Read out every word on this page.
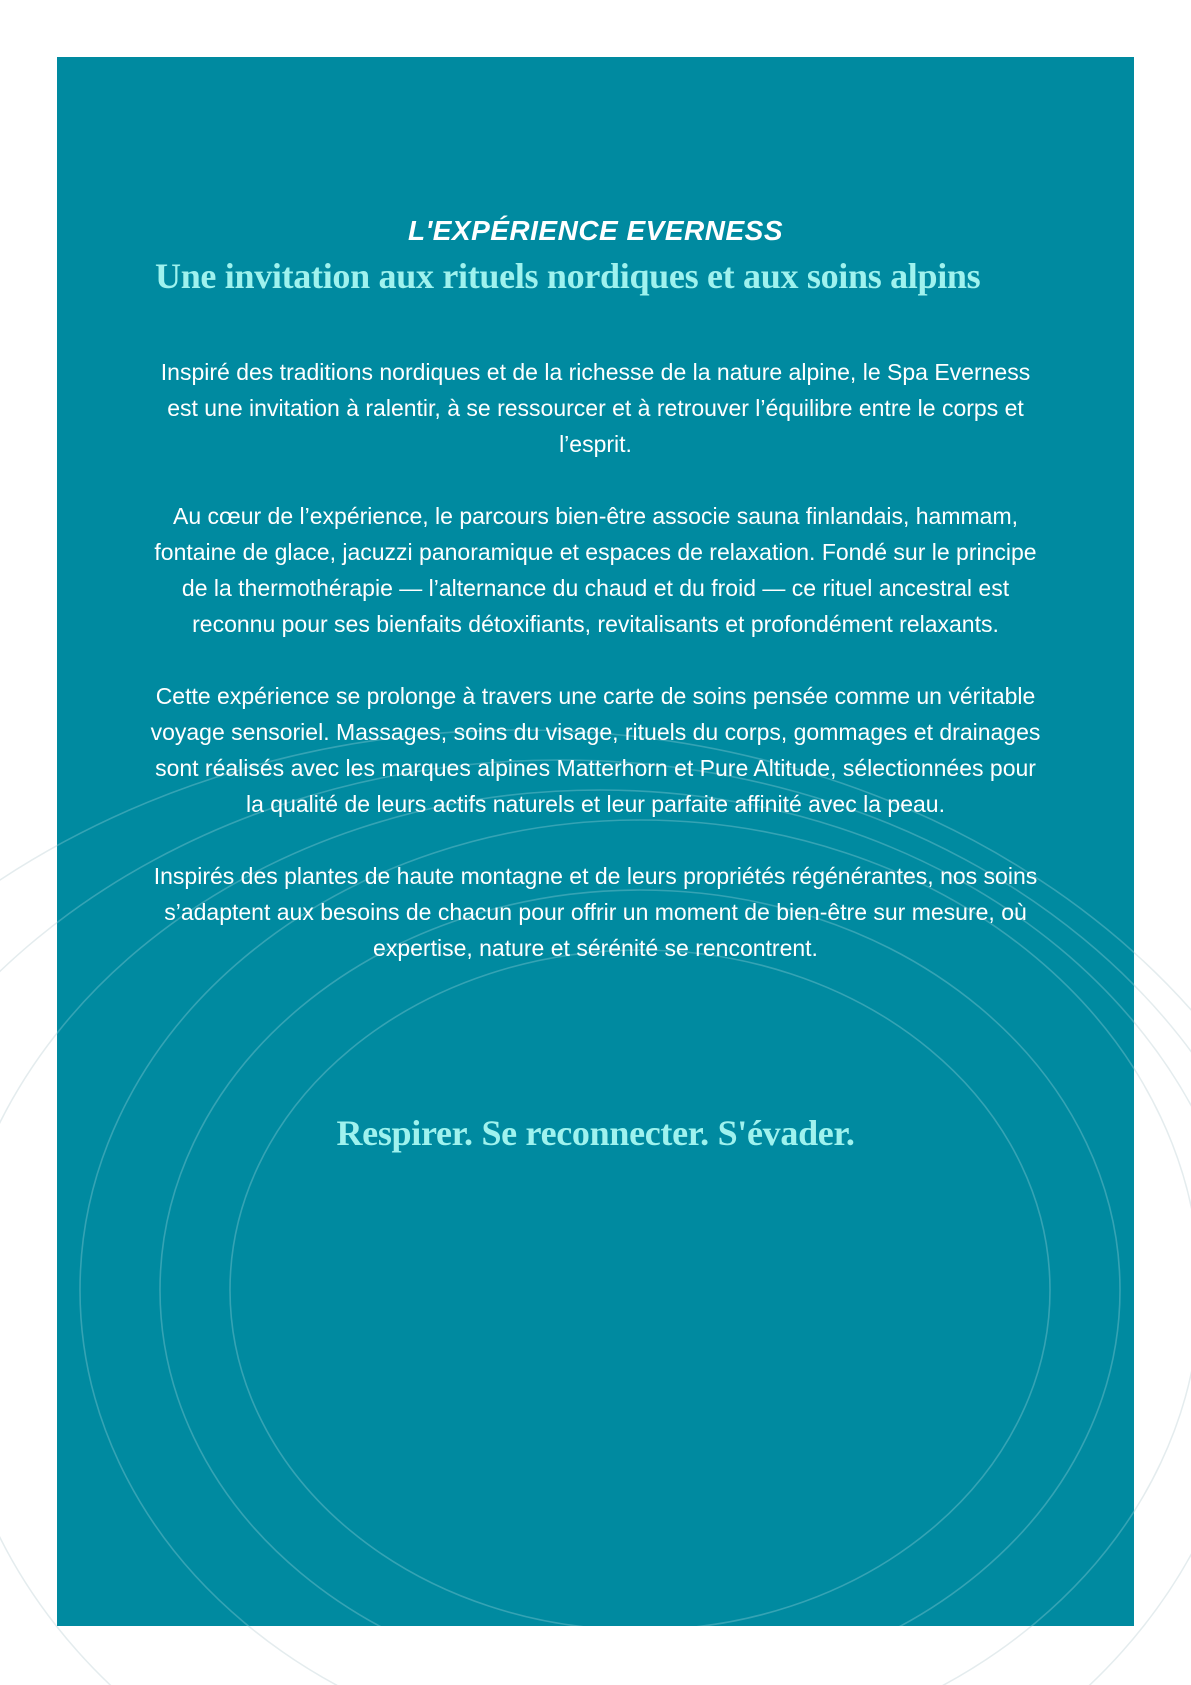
L'EXPÉRIENCE EVERNESS
Une invitation aux rituels nordiques et aux soins alpins

Inspiré des traditions nordiques et de la richesse de la nature alpine, le Spa Everness est une invitation à ralentir, à se ressourcer et à retrouver l’équilibre entre le corps et l’esprit.

Au cœur de l’expérience, le parcours bien-être associe sauna finlandais, hammam, fontaine de glace, jacuzzi panoramique et espaces de relaxation. Fondé sur le principe de la thermothérapie — l’alternance du chaud et du froid — ce rituel ancestral est reconnu pour ses bienfaits détoxifiants, revitalisants et profondément relaxants.

Cette expérience se prolonge à travers une carte de soins pensée comme un véritable voyage sensoriel. Massages, soins du visage, rituels du corps, gommages et drainages sont réalisés avec les marques alpines Matterhorn et Pure Altitude, sélectionnées pour la qualité de leurs actifs naturels et leur parfaite affinité avec la peau.

Inspirés des plantes de haute montagne et de leurs propriétés régénérantes, nos soins s’adaptent aux besoins de chacun pour offrir un moment de bien-être sur mesure, où expertise, nature et sérénité se rencontrent.

Respirer. Se reconnecter. S'évader.
